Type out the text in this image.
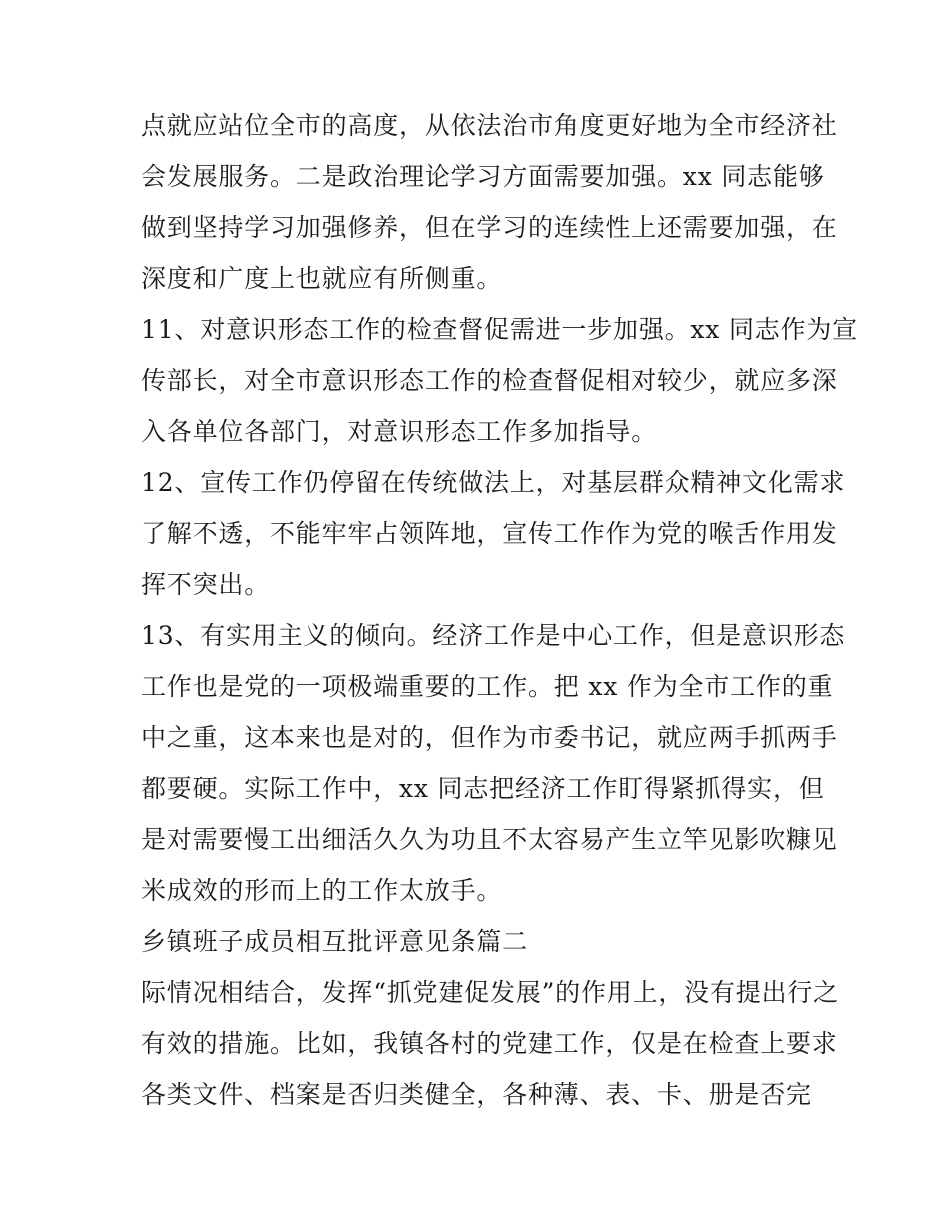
点就应站位全市的高度，从依法治市角度更好地为全市经济社
会发展服务。二是政治理论学习方面需要加强。xx 同志能够
做到坚持学习加强修养，但在学习的连续性上还需要加强，在
深度和广度上也就应有所侧重。
11、对意识形态工作的检查督促需进一步加强。xx 同志作为宣
传部长，对全市意识形态工作的检查督促相对较少，就应多深
入各单位各部门，对意识形态工作多加指导。
12、宣传工作仍停留在传统做法上，对基层群众精神文化需求
了解不透，不能牢牢占领阵地，宣传工作作为党的喉舌作用发
挥不突出。
13、有实用主义的倾向。经济工作是中心工作，但是意识形态
工作也是党的一项极端重要的工作。把 xx 作为全市工作的重
中之重，这本来也是对的，但作为市委书记，就应两手抓两手
都要硬。实际工作中，xx 同志把经济工作盯得紧抓得实，但
是对需要慢工出细活久久为功且不太容易产生立竿见影吹糠见
米成效的形而上的工作太放手。
乡镇班子成员相互批评意见条篇二
际情况相结合，发挥“抓党建促发展”的作用上，没有提出行之
有效的措施。比如，我镇各村的党建工作，仅是在检查上要求
各类文件、档案是否归类健全，各种薄、表、卡、册是否完
